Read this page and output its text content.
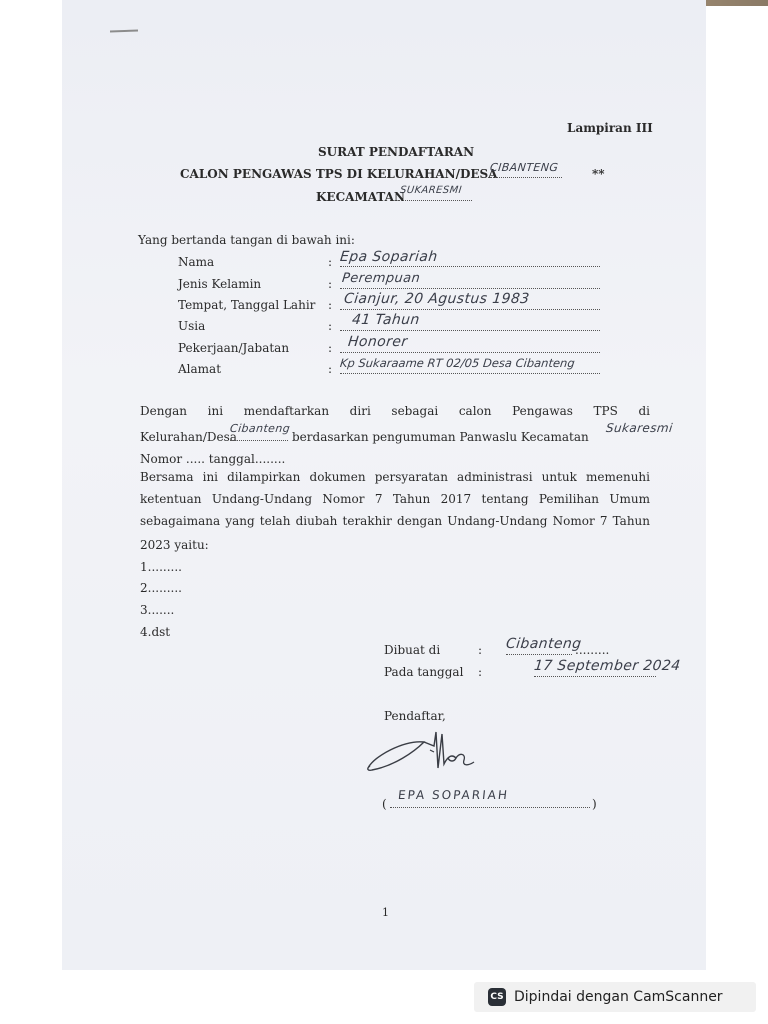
Lampiran III
SURAT PENDAFTARAN
CALON PENGAWAS TPS DI KELURAHAN/DESA
CIBANTENG	**
KECAMATAN
SUKARESMI
Yang bertanda tangan di bawah ini:
Nama	: Epa Sopariah
Jenis Kelamin	: Perempuan
Tempat, Tanggal Lahir : Cianjur, 20 Agustus 1983
Usia	: 41 Tahun
Pekerjaan/Jabatan	: Honorer
Alamat	: Kp Sukaraame RT 02/05 Desa Cibanteng
Dengan ini mendaftarkan diri sebagai calon Pengawas TPS di
Kelurahan/Desa
Cibanteng
berdasarkan pengumuman Panwaslu Kecamatan
Sukaresmi
Nomor ..... tanggal........
Bersama ini dilampirkan dokumen persyaratan administrasi untuk memenuhi
ketentuan Undang-Undang Nomor 7 Tahun 2017 tentang Pemilihan Umum
sebagaimana yang telah diubah terakhir dengan Undang-Undang Nomor 7 Tahun
2023 yaitu:
1.........
2.........
3.......
4.dst
Dibuat di	: Cibanteng
.........
Pada tanggal :	17 September 2024
Pendaftar,
(
EPA SOPARIAH
)
1
CS Dipindai dengan CamScanner
